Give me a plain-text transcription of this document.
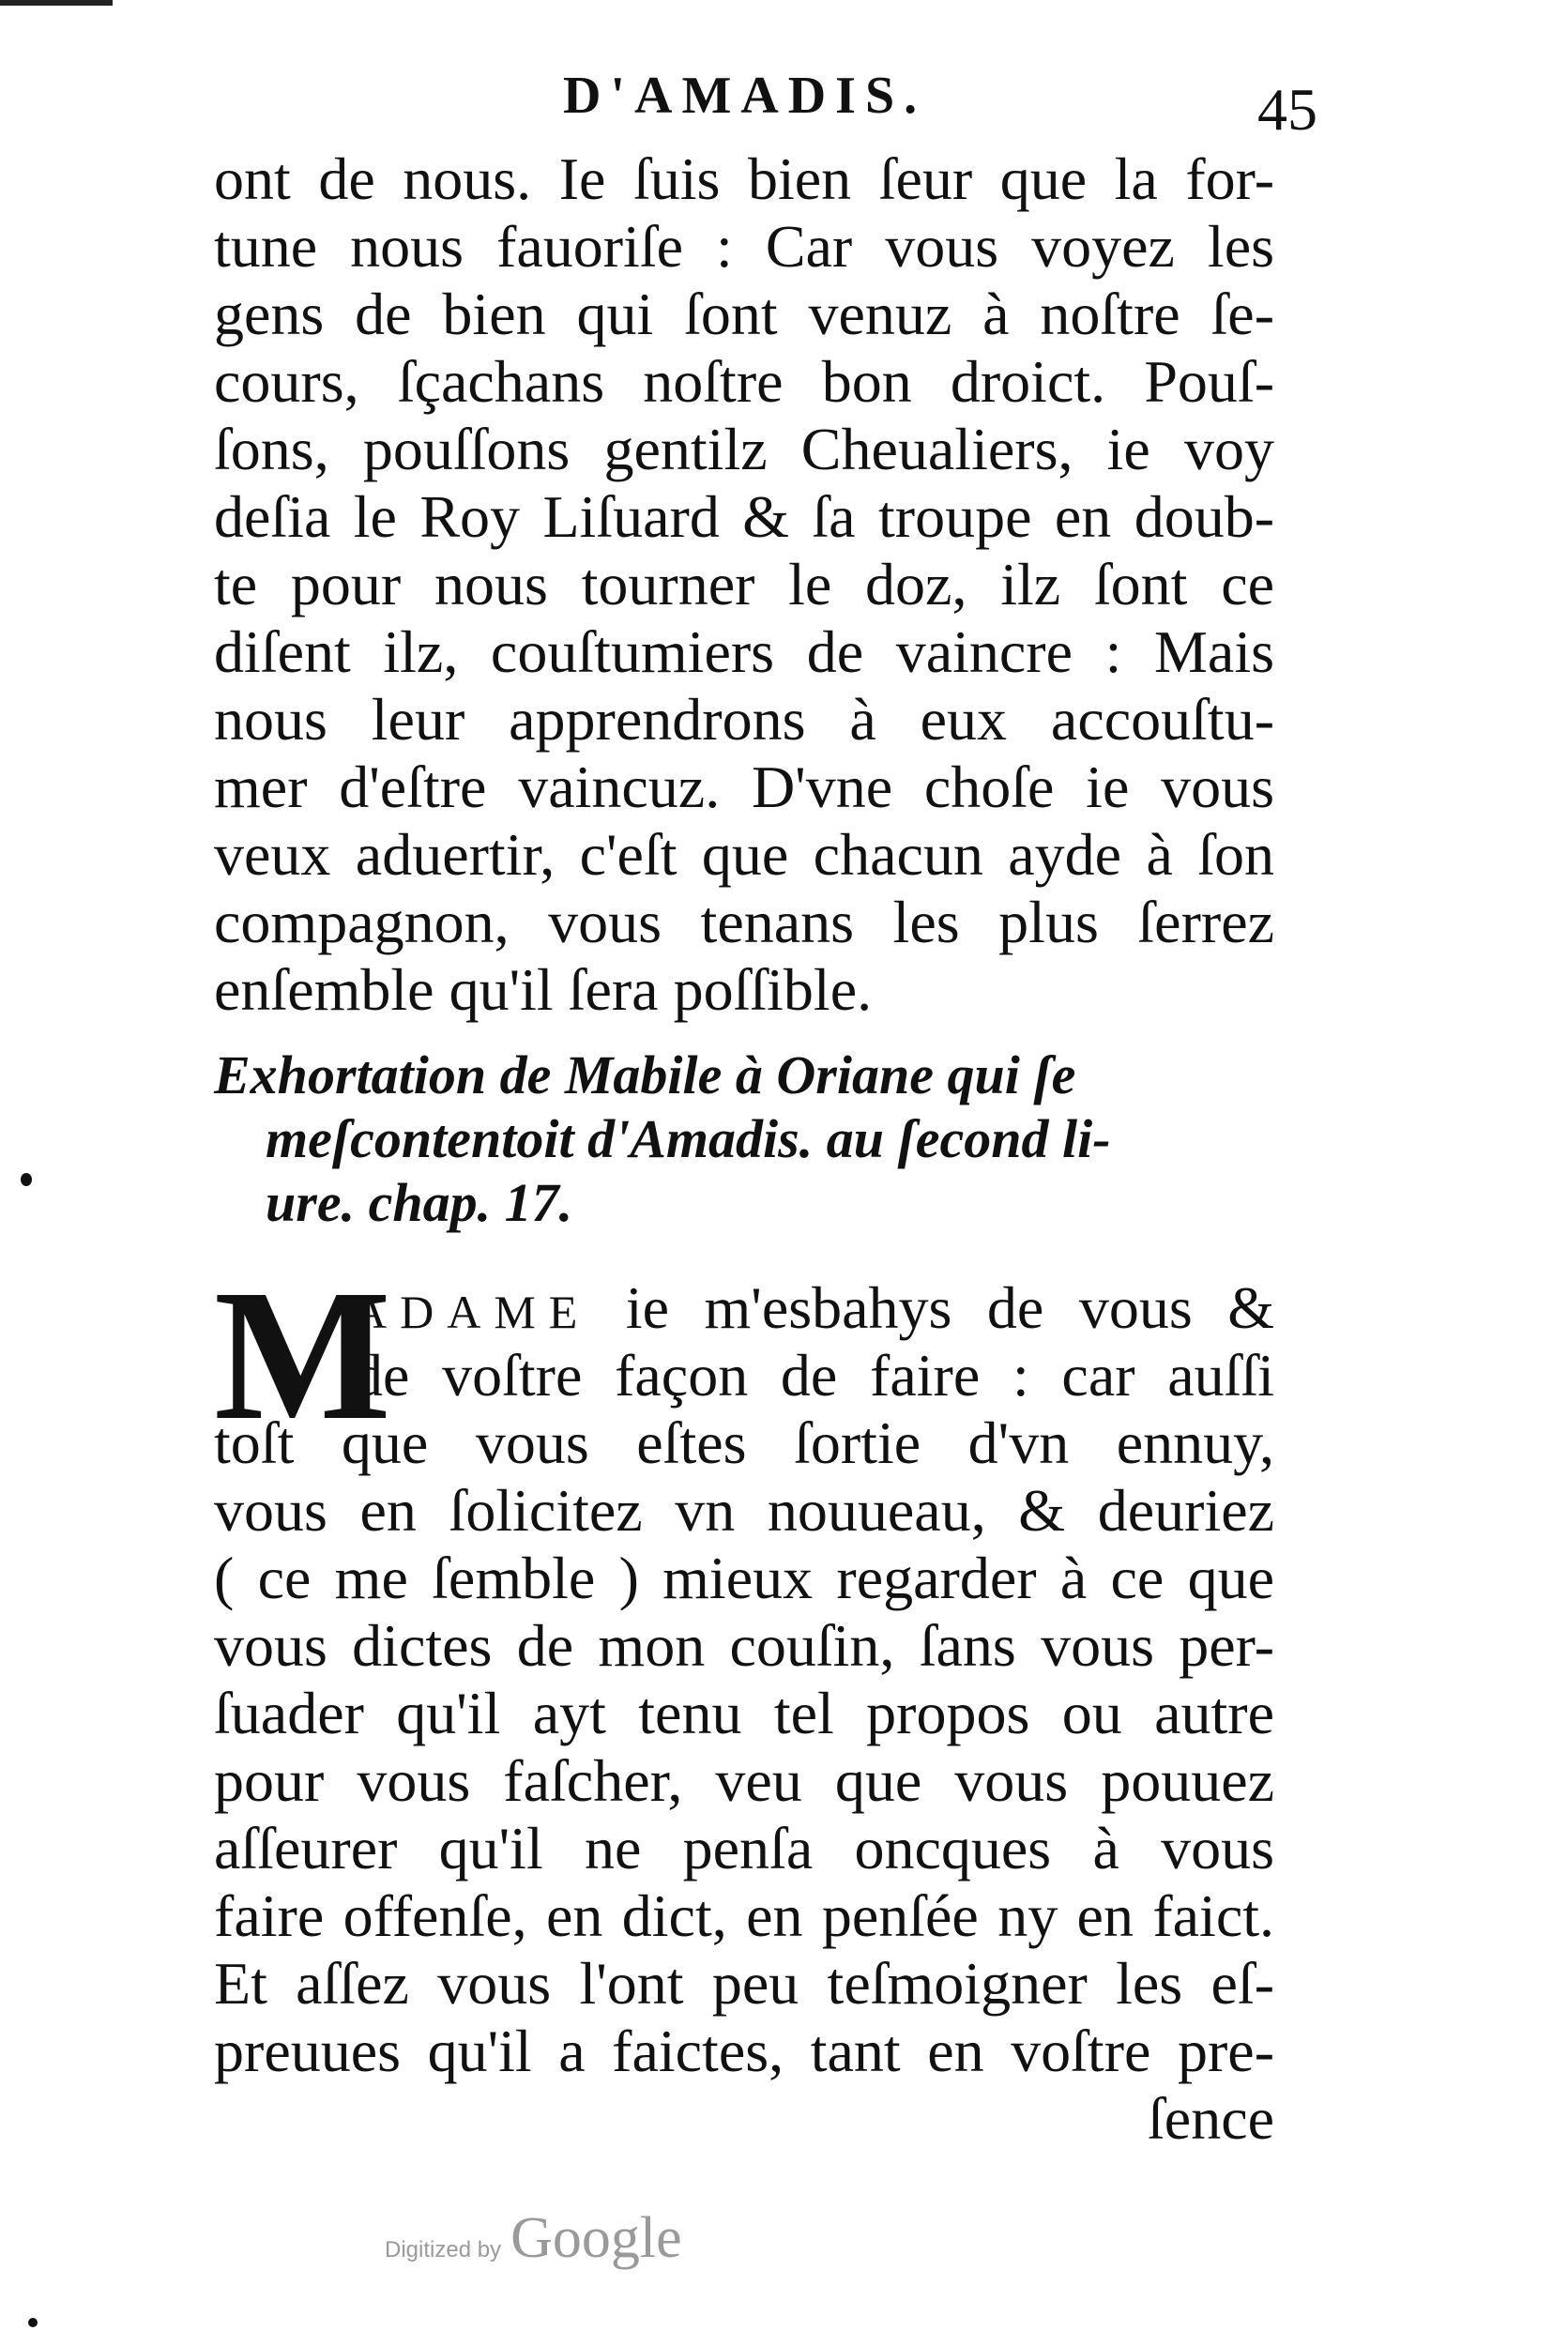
D'AMADIS.	45
ont de nous. Ie ſuis bien ſeur que la for-
tune nous fauoriſe : Car vous voyez les
gens de bien qui ſont venuz à noſtre ſe-
cours, ſçachans noſtre bon droict. Pouſ-
ſons, pouſſons gentilz Cheualiers, ie voy
deſia le Roy Liſuard & ſa troupe en doub-
te pour nous tourner le doz, ilz ſont ce
diſent ilz, couſtumiers de vaincre : Mais
nous leur apprendrons à eux accouſtu-
mer d'eſtre vaincuz. D'vne choſe ie vous
veux aduertir, c'eſt que chacun ayde à ſon
compagnon, vous tenans les plus ſerrez
enſemble qu'il ſera poſſible.
Exhortation de Mabile à Oriane qui ſe
meſcontentoit d'Amadis. au ſecond li-
ure. chap. 17.
M
ADAME ie m'esbahys de vous &
de voſtre façon de faire : car auſſi
toſt que vous eſtes ſortie d'vn ennuy,
vous en ſolicitez vn nouueau, & deuriez
( ce me ſemble ) mieux regarder à ce que
vous dictes de mon couſin, ſans vous per-
ſuader qu'il ayt tenu tel propos ou autre
pour vous faſcher, veu que vous pouuez
aſſeurer qu'il ne penſa oncques à vous
faire offenſe, en dict, en penſée ny en faict.
Et aſſez vous l'ont peu teſmoigner les eſ-
preuues qu'il a faictes, tant en voſtre pre-
ſence
Digitized by Google
